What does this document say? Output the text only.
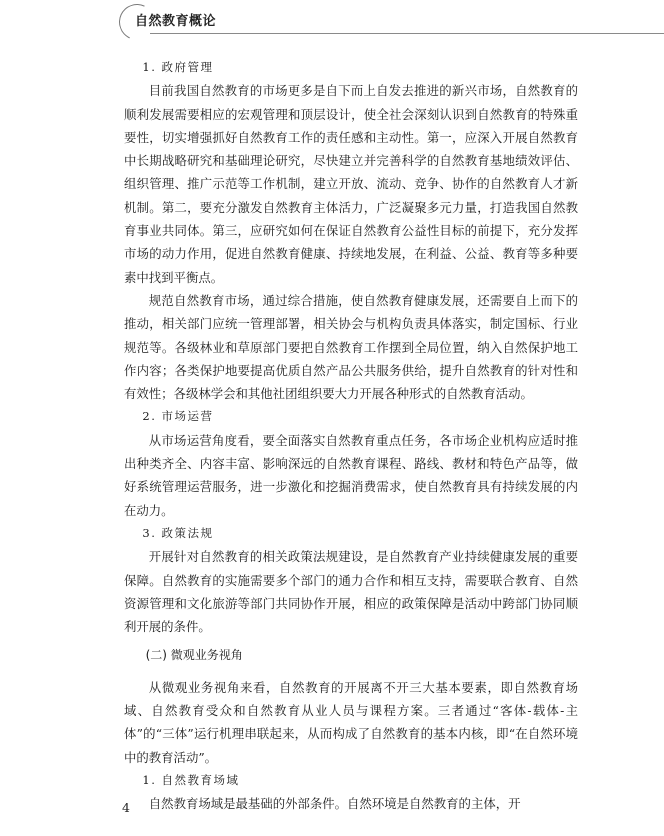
自然教育概论
1. 政府管理

目前我国自然教育的市场更多是自下而上自发去推进的新兴市场，自然教育的顺利发展需要相应的宏观管理和顶层设计，使全社会深刻认识到自然教育的特殊重要性，切实增强抓好自然教育工作的责任感和主动性。第一，应深入开展自然教育中长期战略研究和基础理论研究，尽快建立并完善科学的自然教育基地绩效评估、组织管理、推广示范等工作机制，建立开放、流动、竞争、协作的自然教育人才新机制。第二，要充分激发自然教育主体活力，广泛凝聚多元力量，打造我国自然教育事业共同体。第三，应研究如何在保证自然教育公益性目标的前提下，充分发挥市场的动力作用，促进自然教育健康、持续地发展，在利益、公益、教育等多种要素中找到平衡点。

规范自然教育市场，通过综合措施，使自然教育健康发展，还需要自上而下的推动，相关部门应统一管理部署，相关协会与机构负责具体落实，制定国标、行业规范等。各级林业和草原部门要把自然教育工作摆到全局位置，纳入自然保护地工作内容；各类保护地要提高优质自然产品公共服务供给，提升自然教育的针对性和有效性；各级林学会和其他社团组织要大力开展各种形式的自然教育活动。

2. 市场运营

从市场运营角度看，要全面落实自然教育重点任务，各市场企业机构应适时推出种类齐全、内容丰富、影响深远的自然教育课程、路线、教材和特色产品等，做好系统管理运营服务，进一步激化和挖掘消费需求，使自然教育具有持续发展的内在动力。

3. 政策法规

开展针对自然教育的相关政策法规建设，是自然教育产业持续健康发展的重要保障。自然教育的实施需要多个部门的通力合作和相互支持，需要联合教育、自然资源管理和文化旅游等部门共同协作开展，相应的政策保障是活动中跨部门协同顺利开展的条件。

(二) 微观业务视角

从微观业务视角来看，自然教育的开展离不开三大基本要素，即自然教育场域、自然教育受众和自然教育从业人员与课程方案。三者通过“客体-载体-主体”的“三体”运行机理串联起来，从而构成了自然教育的基本内核，即“在自然环境中的教育活动”。

1. 自然教育场域

自然教育场域是最基础的外部条件。自然环境是自然教育的主体，开

4
